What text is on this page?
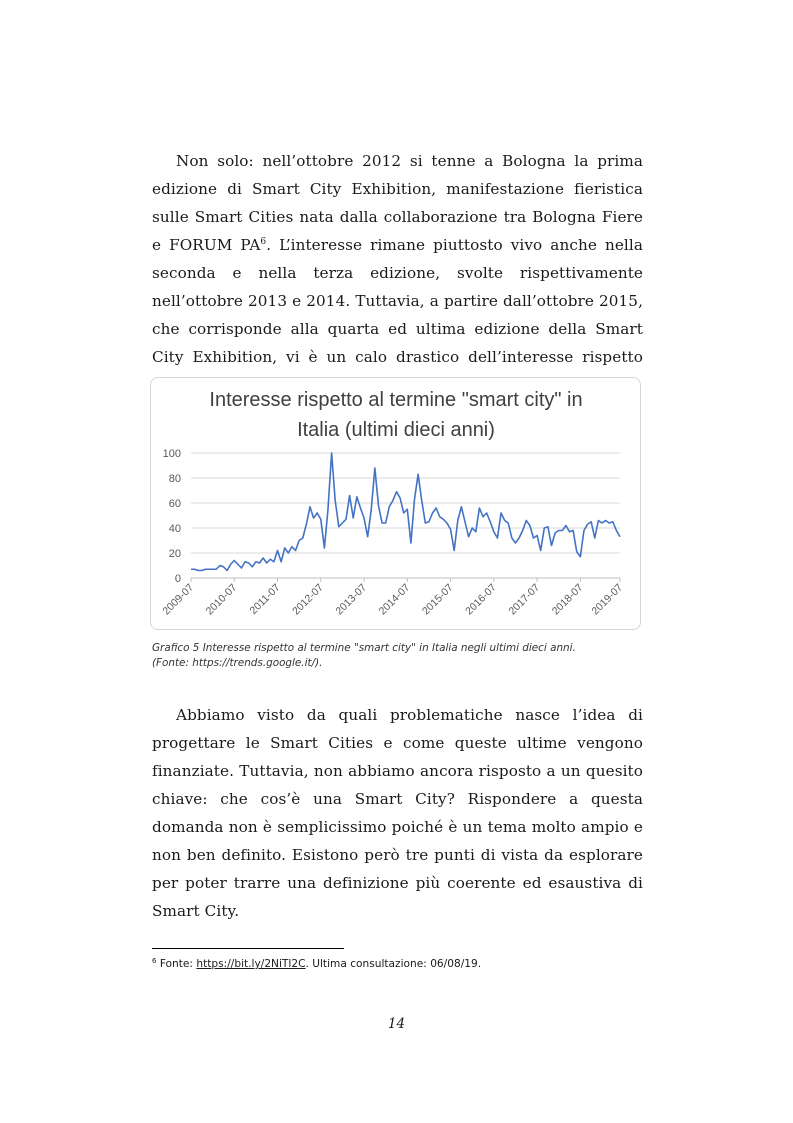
Non solo: nell’ottobre 2012 si tenne a Bologna la prima edizione di Smart City Exhibition, manifestazione fieristica sulle Smart Cities nata dalla collaborazione tra Bologna Fiere e FORUM $PA^6$. L’interesse rimane piuttosto vivo anche nella seconda e nella terza edizione, svolte rispettivamente nell’ottobre 2013 e 2014. Tuttavia, a partire dall’ottobre 2015, che corrisponde alla quarta ed ultima edizione della Smart City Exhibition, vi è un calo drastico dell’interesse rispetto

Interesse rispetto al termine "smart city" in
Italia (ultimi dieci anni)
0
20
40
60
80
100
2009-07 2010-07 2011-07 2012-07 2013-07 2014-07 2015-07 2016-07 2017-07 2018-07 2019-07
Grafico 5 Interesse rispetto al termine "smart city" in Italia negli ultimi dieci anni.
(Fonte: https://trends.google.it/).

Abbiamo visto da quali problematiche nasce l’idea di progettare le Smart Cities e come queste ultime vengono finanziate. Tuttavia, non abbiamo ancora risposto a un quesito chiave: che cos’è una Smart City? Rispondere a questa domanda non è semplicissimo poiché è un tema molto ampio e non ben definito. Esistono però tre punti di vista da esplorare per poter trarre una definizione più coerente ed esaustiva di Smart City.

$^6$ Fonte: https://bit.ly/2NiTl2C. Ultima consultazione: 06/08/19.

14
